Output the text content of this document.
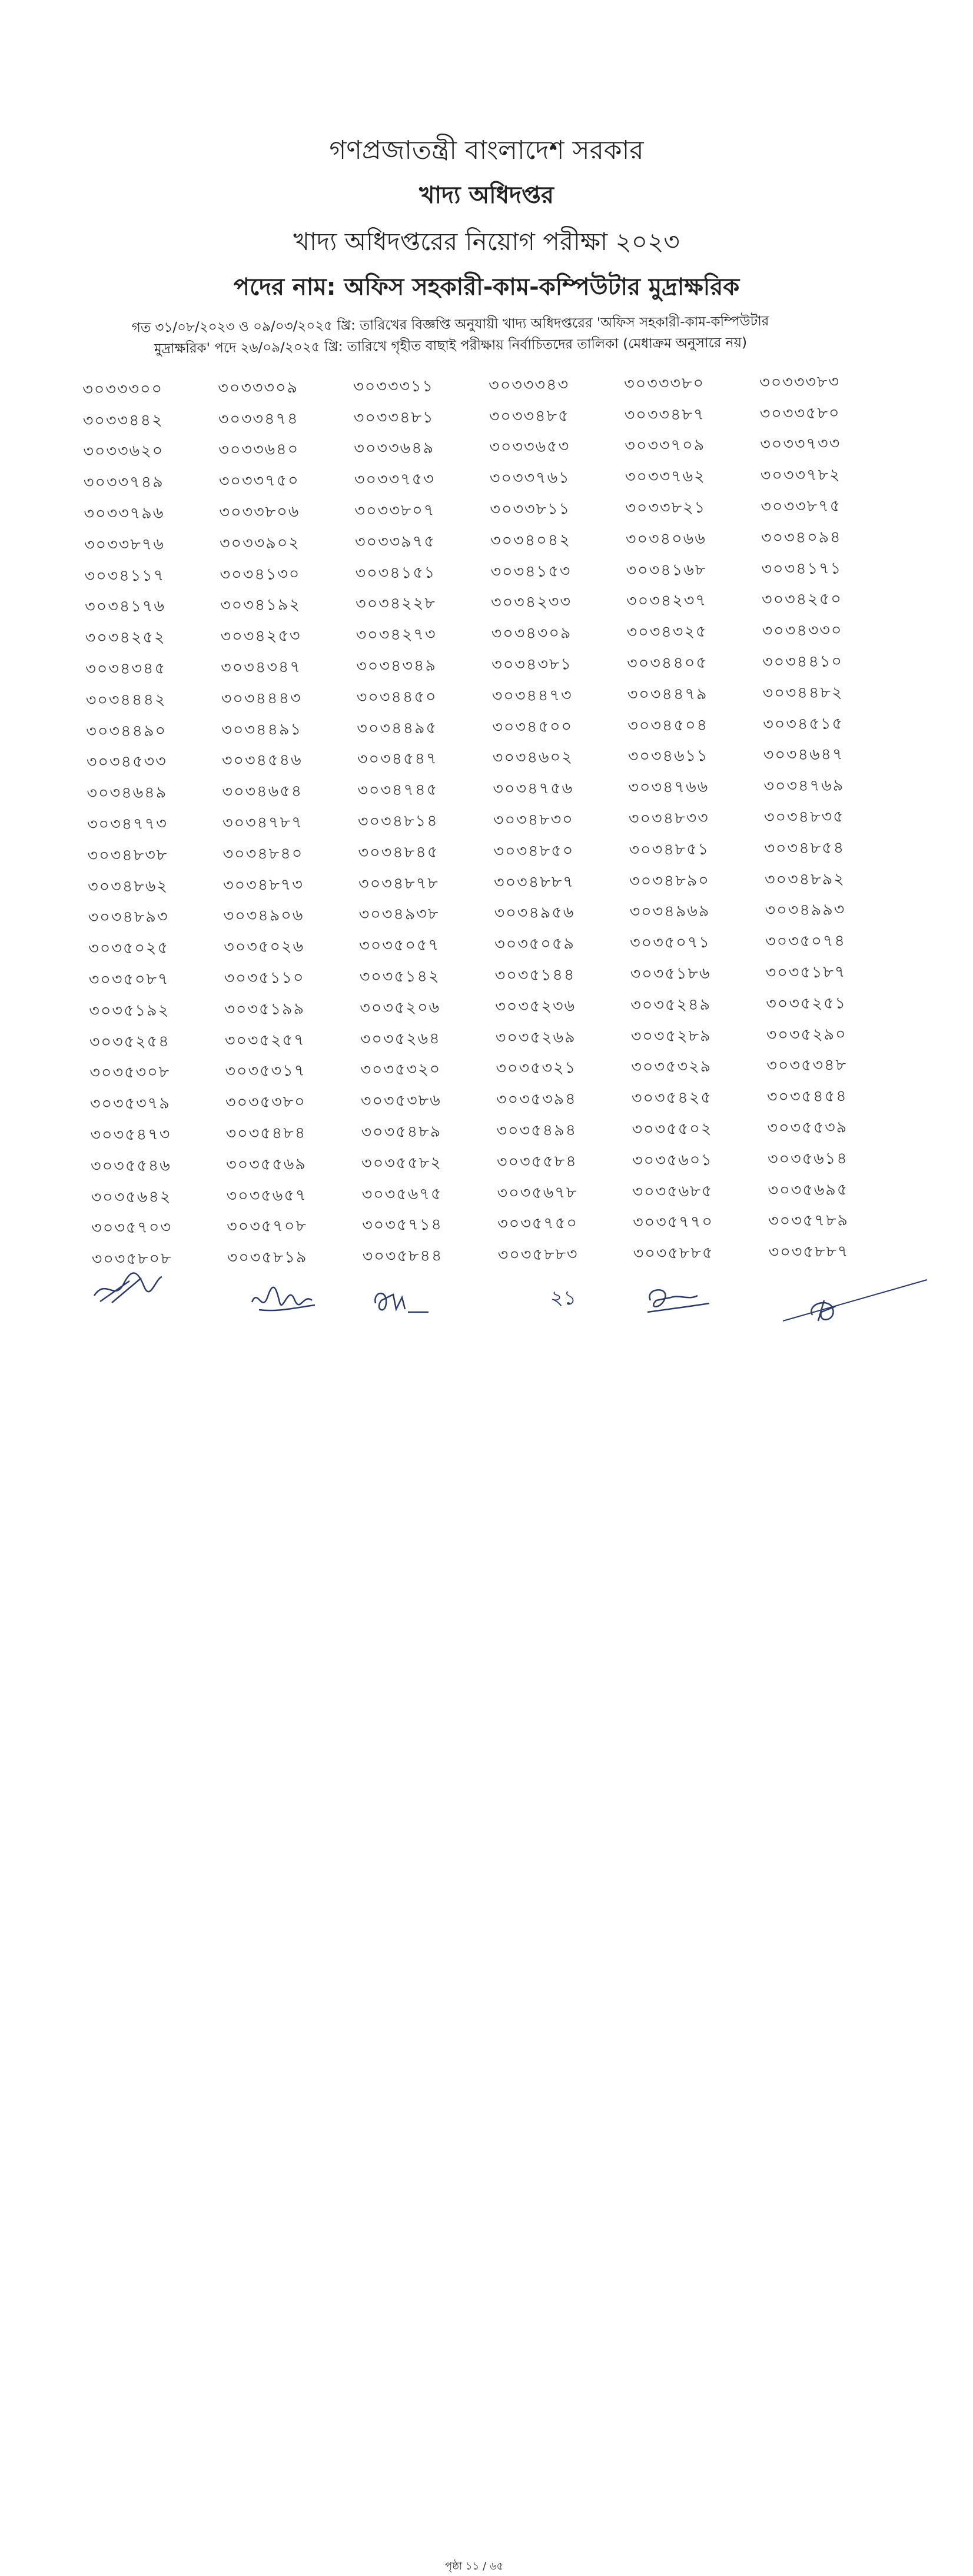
গণপ্রজাতন্ত্রী বাংলাদেশ সরকার
খাদ্য অধিদপ্তর
খাদ্য অধিদপ্তরের নিয়োগ পরীক্ষা ২০২৩
পদের নাম: অফিস সহকারী-কাম-কম্পিউটার মুদ্রাক্ষরিক
গত ৩১/০৮/২০২৩ ও ০৯/০৩/২০২৫ খ্রি: তারিখের বিজ্ঞপ্তি অনুযায়ী খাদ্য অধিদপ্তরের 'অফিস সহকারী-কাম-কম্পিউটার
মুদ্রাক্ষরিক' পদে ২৬/০৯/২০২৫ খ্রি: তারিখে গৃহীত বাছাই পরীক্ষায় নির্বাচিতদের তালিকা (মেধাক্রম অনুসারে নয়)
৩০৩৩৩০০	৩০৩৩৩০৯	৩০৩৩৩১১	৩০৩৩৩৪৩	৩০৩৩৩৮০	৩০৩৩৩৮৩
৩০৩৩৪৪২	৩০৩৩৪৭৪	৩০৩৩৪৮১	৩০৩৩৪৮৫	৩০৩৩৪৮৭	৩০৩৩৫৮০
৩০৩৩৬২০	৩০৩৩৬৪০	৩০৩৩৬৪৯	৩০৩৩৬৫৩	৩০৩৩৭০৯	৩০৩৩৭৩৩
৩০৩৩৭৪৯	৩০৩৩৭৫০	৩০৩৩৭৫৩	৩০৩৩৭৬১	৩০৩৩৭৬২	৩০৩৩৭৮২
৩০৩৩৭৯৬	৩০৩৩৮০৬	৩০৩৩৮০৭	৩০৩৩৮১১	৩০৩৩৮২১	৩০৩৩৮৭৫
৩০৩৩৮৭৬	৩০৩৩৯০২	৩০৩৩৯৭৫	৩০৩৪০৪২	৩০৩৪০৬৬	৩০৩৪০৯৪
৩০৩৪১১৭	৩০৩৪১৩০	৩০৩৪১৫১	৩০৩৪১৫৩	৩০৩৪১৬৮	৩০৩৪১৭১
৩০৩৪১৭৬	৩০৩৪১৯২	৩০৩৪২২৮	৩০৩৪২৩৩	৩০৩৪২৩৭	৩০৩৪২৫০
৩০৩৪২৫২	৩০৩৪২৫৩	৩০৩৪২৭৩	৩০৩৪৩০৯	৩০৩৪৩২৫	৩০৩৪৩৩০
৩০৩৪৩৪৫	৩০৩৪৩৪৭	৩০৩৪৩৪৯	৩০৩৪৩৮১	৩০৩৪৪০৫	৩০৩৪৪১০
৩০৩৪৪৪২	৩০৩৪৪৪৩	৩০৩৪৪৫০	৩০৩৪৪৭৩	৩০৩৪৪৭৯	৩০৩৪৪৮২
৩০৩৪৪৯০	৩০৩৪৪৯১	৩০৩৪৪৯৫	৩০৩৪৫০০	৩০৩৪৫০৪	৩০৩৪৫১৫
৩০৩৪৫৩৩	৩০৩৪৫৪৬	৩০৩৪৫৪৭	৩০৩৪৬০২	৩০৩৪৬১১	৩০৩৪৬৪৭
৩০৩৪৬৪৯	৩০৩৪৬৫৪	৩০৩৪৭৪৫	৩০৩৪৭৫৬	৩০৩৪৭৬৬	৩০৩৪৭৬৯
৩০৩৪৭৭৩	৩০৩৪৭৮৭	৩০৩৪৮১৪	৩০৩৪৮৩০	৩০৩৪৮৩৩	৩০৩৪৮৩৫
৩০৩৪৮৩৮	৩০৩৪৮৪০	৩০৩৪৮৪৫	৩০৩৪৮৫০	৩০৩৪৮৫১	৩০৩৪৮৫৪
৩০৩৪৮৬২	৩০৩৪৮৭৩	৩০৩৪৮৭৮	৩০৩৪৮৮৭	৩০৩৪৮৯০	৩০৩৪৮৯২
৩০৩৪৮৯৩	৩০৩৪৯০৬	৩০৩৪৯৩৮	৩০৩৪৯৫৬	৩০৩৪৯৬৯	৩০৩৪৯৯৩
৩০৩৫০২৫	৩০৩৫০২৬	৩০৩৫০৫৭	৩০৩৫০৫৯	৩০৩৫০৭১	৩০৩৫০৭৪
৩০৩৫০৮৭	৩০৩৫১১০	৩০৩৫১৪২	৩০৩৫১৪৪	৩০৩৫১৮৬	৩০৩৫১৮৭
৩০৩৫১৯২	৩০৩৫১৯৯	৩০৩৫২০৬	৩০৩৫২৩৬	৩০৩৫২৪৯	৩০৩৫২৫১
৩০৩৫২৫৪	৩০৩৫২৫৭	৩০৩৫২৬৪	৩০৩৫২৬৯	৩০৩৫২৮৯	৩০৩৫২৯০
৩০৩৫৩০৮	৩০৩৫৩১৭	৩০৩৫৩২০	৩০৩৫৩২১	৩০৩৫৩২৯	৩০৩৫৩৪৮
৩০৩৫৩৭৯	৩০৩৫৩৮০	৩০৩৫৩৮৬	৩০৩৫৩৯৪	৩০৩৫৪২৫	৩০৩৫৪৫৪
৩০৩৫৪৭৩	৩০৩৫৪৮৪	৩০৩৫৪৮৯	৩০৩৫৪৯৪	৩০৩৫৫০২	৩০৩৫৫৩৯
৩০৩৫৫৪৬	৩০৩৫৫৬৯	৩০৩৫৫৮২	৩০৩৫৫৮৪	৩০৩৫৬০১	৩০৩৫৬১৪
৩০৩৫৬৪২	৩০৩৫৬৫৭	৩০৩৫৬৭৫	৩০৩৫৬৭৮	৩০৩৫৬৮৫	৩০৩৫৬৯৫
৩০৩৫৭০৩	৩০৩৫৭০৮	৩০৩৫৭১৪	৩০৩৫৭৫০	৩০৩৫৭৭০	৩০৩৫৭৮৯
৩০৩৫৮০৮	৩০৩৫৮১৯	৩০৩৫৮৪৪	৩০৩৫৮৮৩	৩০৩৫৮৮৫	৩০৩৫৮৮৭
পৃষ্ঠা ১১ / ৬৫
২১
